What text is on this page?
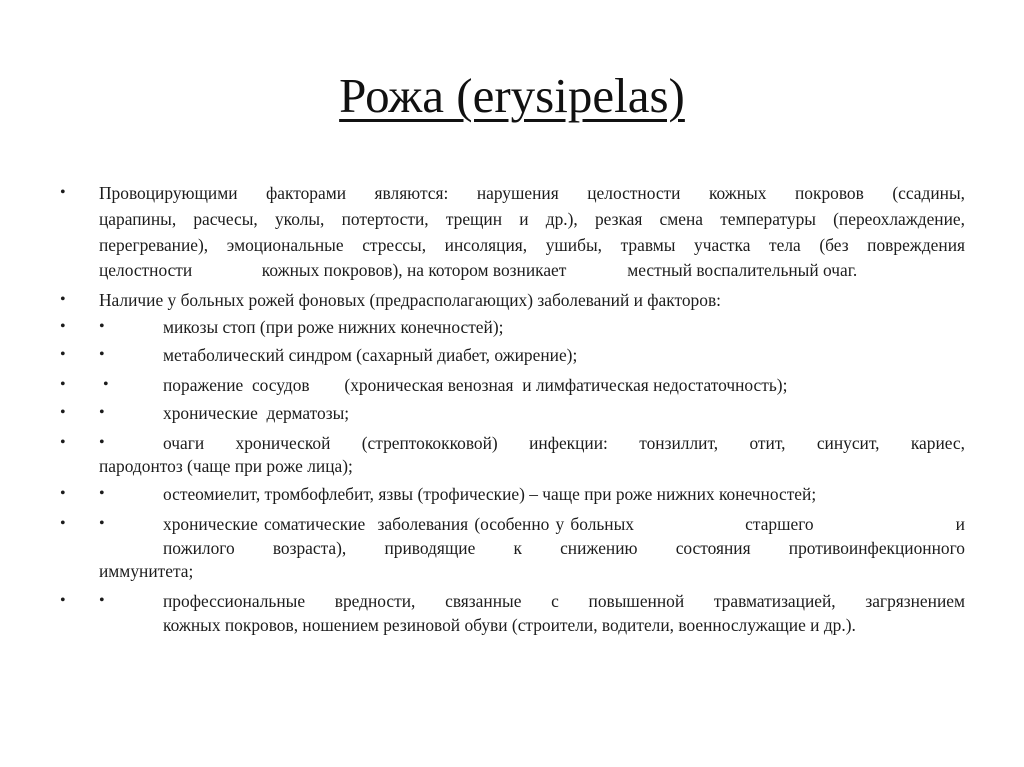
Рожа (erysipelas)
• Провоцирующими факторами являются: нарушения целостности кожных покровов (ссадины,
царапины, расчесы, уколы, потертости, трещин и др.), резкая смена температуры (переохлаждение,
перегревание), эмоциональные стрессы, инсоляция, ушибы, травмы участка тела (без повреждения
целостности                кожных покровов), на котором возникает              местный воспалительный очаг.
• Наличие у больных рожей фоновых (предрасполагающих) заболеваний и факторов:
• •	микозы стоп (при роже нижних конечностей);
• •	метаболический синдром (сахарный диабет, ожирение);
• •	поражение  сосудов        (хроническая венозная  и лимфатическая недостаточность);
• •	хронические  дерматозы;
• •	очаги хронической (стрептококковой) инфекции: тонзиллит, отит, синусит, кариес,
пародонтоз (чаще при роже лица);
• •	остеомиелит, тромбофлебит, язвы (трофические) – чаще при роже нижних конечностей;
• •	хронические соматические  заболевания (особенно у больных                  старшего                       и
пожилого возраста), приводящие к снижению состояния противоинфекционного
иммунитета;
• •	профессиональные вредности, связанные с повышенной травматизацией, загрязнением
кожных покровов, ношением резиновой обуви (строители, водители, военнослужащие и др.).
